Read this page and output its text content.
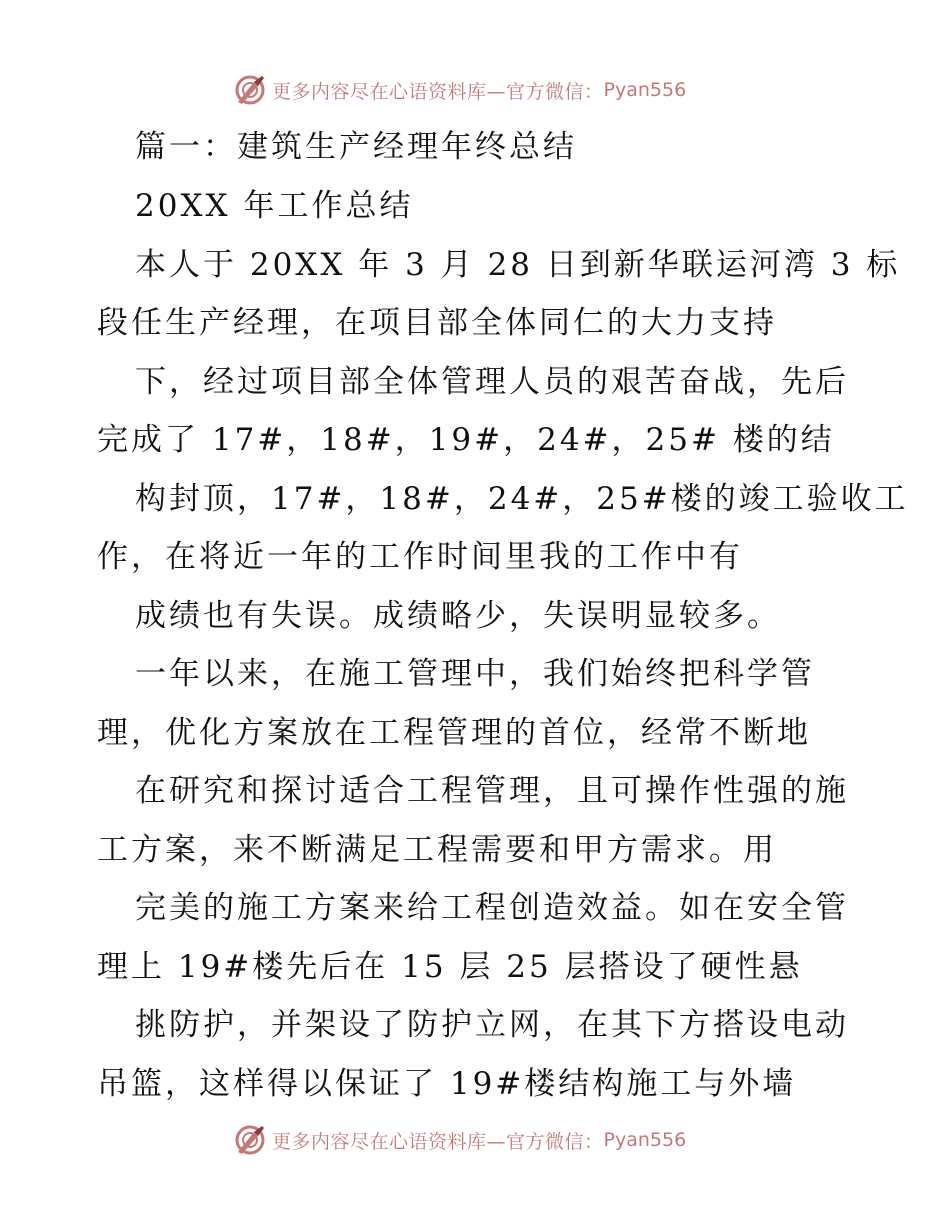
更多内容尽在心语资料库—官方微信： Pyan556
篇一：建筑生产经理年终总结
20XX 年工作总结
本人于 20XX 年 3 月 28 日到新华联运河湾 3 标
段任生产经理，在项目部全体同仁的大力支持
下，经过项目部全体管理人员的艰苦奋战，先后
完成了 17#，18#，19#，24#，25# 楼的结
构封顶，17#，18#，24#，25#楼的竣工验收工
作，在将近一年的工作时间里我的工作中有
成绩也有失误。成绩略少，失误明显较多。
一年以来，在施工管理中，我们始终把科学管
理，优化方案放在工程管理的首位，经常不断地
在研究和探讨适合工程管理，且可操作性强的施
工方案，来不断满足工程需要和甲方需求。用
完美的施工方案来给工程创造效益。如在安全管
理上 19#楼先后在 15 层 25 层搭设了硬性悬
挑防护，并架设了防护立网，在其下方搭设电动
吊篮，这样得以保证了 19#楼结构施工与外墙
更多内容尽在心语资料库—官方微信： Pyan556
